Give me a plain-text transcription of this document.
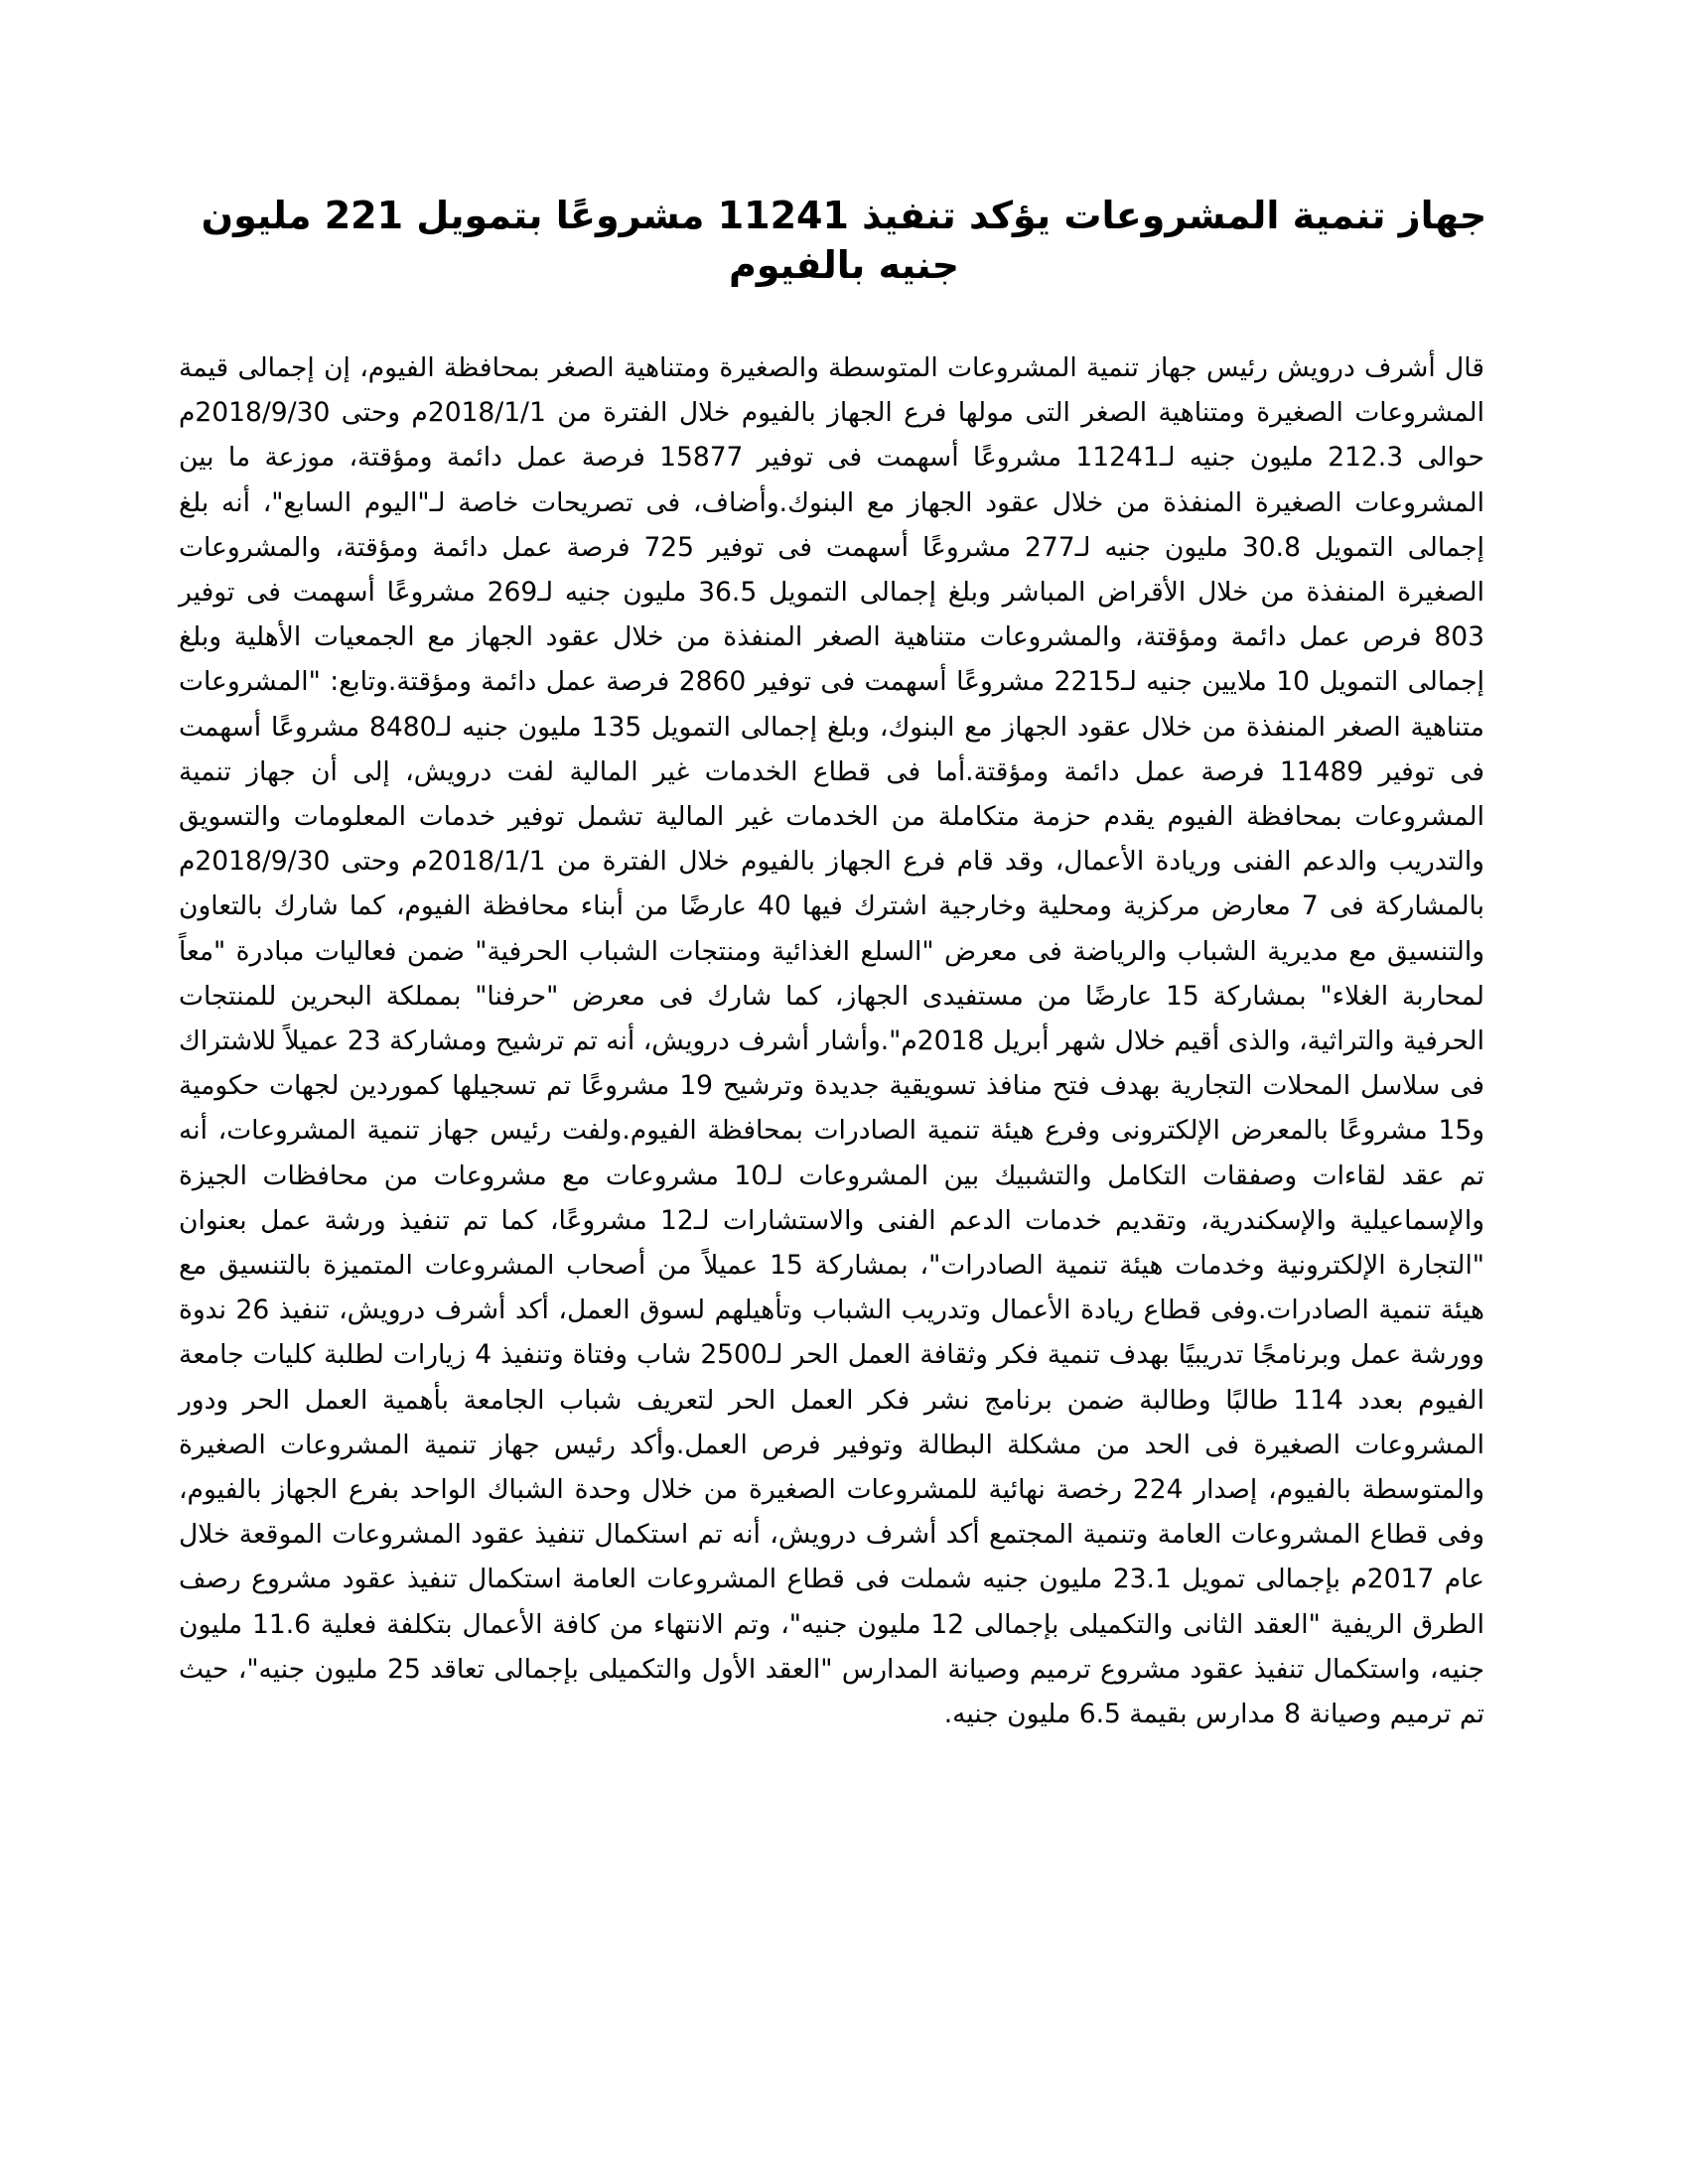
جهاز تنمية المشروعات يؤكد تنفيذ 11241 مشروعًا بتمويل 221 مليون جنيه بالفيوم

قال أشرف درويش رئيس جهاز تنمية المشروعات المتوسطة والصغيرة ومتناهية الصغر بمحافظة الفيوم، إن إجمالى قيمة المشروعات الصغيرة ومتناهية الصغر التى مولها فرع الجهاز بالفيوم خلال الفترة من 2018/1/1م وحتى 2018/9/30م حوالى 212.3 مليون جنيه لـ11241 مشروعًا أسهمت فى توفير 15877 فرصة عمل دائمة ومؤقتة، موزعة ما بين المشروعات الصغيرة المنفذة من خلال عقود الجهاز مع البنوك.وأضاف، فى تصريحات خاصة لـ"اليوم السابع"، أنه بلغ إجمالى التمويل 30.8 مليون جنيه لـ277 مشروعًا أسهمت فى توفير 725 فرصة عمل دائمة ومؤقتة، والمشروعات الصغيرة المنفذة من خلال الأقراض المباشر وبلغ إجمالى التمويل 36.5 مليون جنيه لـ269 مشروعًا أسهمت فى توفير 803 فرص عمل دائمة ومؤقتة، والمشروعات متناهية الصغر المنفذة من خلال عقود الجهاز مع الجمعيات الأهلية وبلغ إجمالى التمويل 10 ملايين جنيه لـ2215 مشروعًا أسهمت فى توفير 2860 فرصة عمل دائمة ومؤقتة.وتابع: "المشروعات متناهية الصغر المنفذة من خلال عقود الجهاز مع البنوك، وبلغ إجمالى التمويل 135 مليون جنيه لـ8480 مشروعًا أسهمت فى توفير 11489 فرصة عمل دائمة ومؤقتة.أما فى قطاع الخدمات غير المالية لفت درويش، إلى أن جهاز تنمية المشروعات بمحافظة الفيوم يقدم حزمة متكاملة من الخدمات غير المالية تشمل توفير خدمات المعلومات والتسويق والتدريب والدعم الفنى وريادة الأعمال، وقد قام فرع الجهاز بالفيوم خلال الفترة من 2018/1/1م وحتى 2018/9/30م بالمشاركة فى 7 معارض مركزية ومحلية وخارجية اشترك فيها 40 عارضًا من أبناء محافظة الفيوم، كما شارك بالتعاون والتنسيق مع مديرية الشباب والرياضة فى معرض "السلع الغذائية ومنتجات الشباب الحرفية" ضمن فعاليات مبادرة "معاً لمحاربة الغلاء" بمشاركة 15 عارضًا من مستفيدى الجهاز، كما شارك فى معرض "حرفنا" بمملكة البحرين للمنتجات الحرفية والتراثية، والذى أقيم خلال شهر أبريل 2018م".وأشار أشرف درويش، أنه تم ترشيح ومشاركة 23 عميلاً للاشتراك فى سلاسل المحلات التجارية بهدف فتح منافذ تسويقية جديدة وترشيح 19 مشروعًا تم تسجيلها كموردين لجهات حكومية و15 مشروعًا بالمعرض الإلكترونى وفرع هيئة تنمية الصادرات بمحافظة الفيوم.ولفت رئيس جهاز تنمية المشروعات، أنه تم عقد لقاءات وصفقات التكامل والتشبيك بين المشروعات لـ10 مشروعات مع مشروعات من محافظات الجيزة والإسماعيلية والإسكندرية، وتقديم خدمات الدعم الفنى والاستشارات لـ12 مشروعًا، كما تم تنفيذ ورشة عمل بعنوان "التجارة الإلكترونية وخدمات هيئة تنمية الصادرات"، بمشاركة 15 عميلاً من أصحاب المشروعات المتميزة بالتنسيق مع هيئة تنمية الصادرات.وفى قطاع ريادة الأعمال وتدريب الشباب وتأهيلهم لسوق العمل، أكد أشرف درويش، تنفيذ 26 ندوة وورشة عمل وبرنامجًا تدريبيًا بهدف تنمية فكر وثقافة العمل الحر لـ2500 شاب وفتاة وتنفيذ 4 زيارات لطلبة كليات جامعة الفيوم بعدد 114 طالبًا وطالبة ضمن برنامج نشر فكر العمل الحر لتعريف شباب الجامعة بأهمية العمل الحر ودور المشروعات الصغيرة فى الحد من مشكلة البطالة وتوفير فرص العمل.وأكد رئيس جهاز تنمية المشروعات الصغيرة والمتوسطة بالفيوم، إصدار 224 رخصة نهائية للمشروعات الصغيرة من خلال وحدة الشباك الواحد بفرع الجهاز بالفيوم، وفى قطاع المشروعات العامة وتنمية المجتمع أكد أشرف درويش، أنه تم استكمال تنفيذ عقود المشروعات الموقعة خلال عام 2017م بإجمالى تمويل 23.1 مليون جنيه شملت فى قطاع المشروعات العامة استكمال تنفيذ عقود مشروع رصف الطرق الريفية "العقد الثانى والتكميلى بإجمالى 12 مليون جنيه"، وتم الانتهاء من كافة الأعمال بتكلفة فعلية 11.6 مليون جنيه، واستكمال تنفيذ عقود مشروع ترميم وصيانة المدارس "العقد الأول والتكميلى بإجمالى تعاقد 25 مليون جنيه"، حيث تم ترميم وصيانة 8 مدارس بقيمة 6.5 مليون جنيه.
